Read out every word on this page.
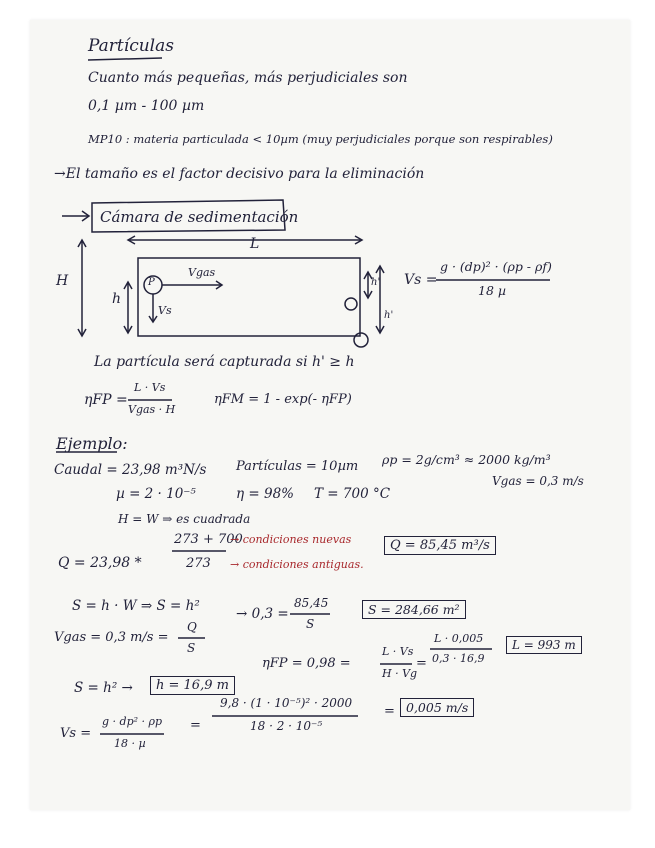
Partículas
Cuanto más pequeñas, más perjudiciales son
0,1 µm - 100 µm
MP10 : materia particulada < 10µm (muy perjudiciales porque son respirables)
→El tamaño es el factor decisivo para la eliminación
Cámara de sedimentación
L
H
h
P
Vgas
Vs
h'
h'
Vs =
g · (dp)² · (ρp - ρf)
18 µ
La partícula será capturada si h' ≥ h
ηFP =
L · Vs
Vgas · H
ηFM = 1 - exp(- ηFP)
Ejemplo:
Caudal = 23,98 m³N/s Partículas = 10µm ρp = 2g/cm³ ≈ 2000 kg/m³
µ = 2 · 10⁻⁵	η = 98% T = 700 °C
Vgas = 0,3 m/s
H = W ⇒ es cuadrada
Q = 23,98 *
273 + 700
273
→ condiciones nuevas
→ condiciones antiguas.
Q = 85,45 m³/s
S = h · W ⇒ S = h²	→ 0,3 =
85,45
S
S = 284,66 m²
Vgas = 0,3 m/s =
Q
S
S = h² →	h = 16,9 m
ηFP = 0,98 =
L · Vs
H · Vg
=
L · 0,005
0,3 · 16,9
L = 993 m
Vs =
g · dp² · ρp
18 · µ
=
9,8 · (1 · 10⁻⁵)² · 2000
18 · 2 · 10⁻⁵
= 0,005 m/s
